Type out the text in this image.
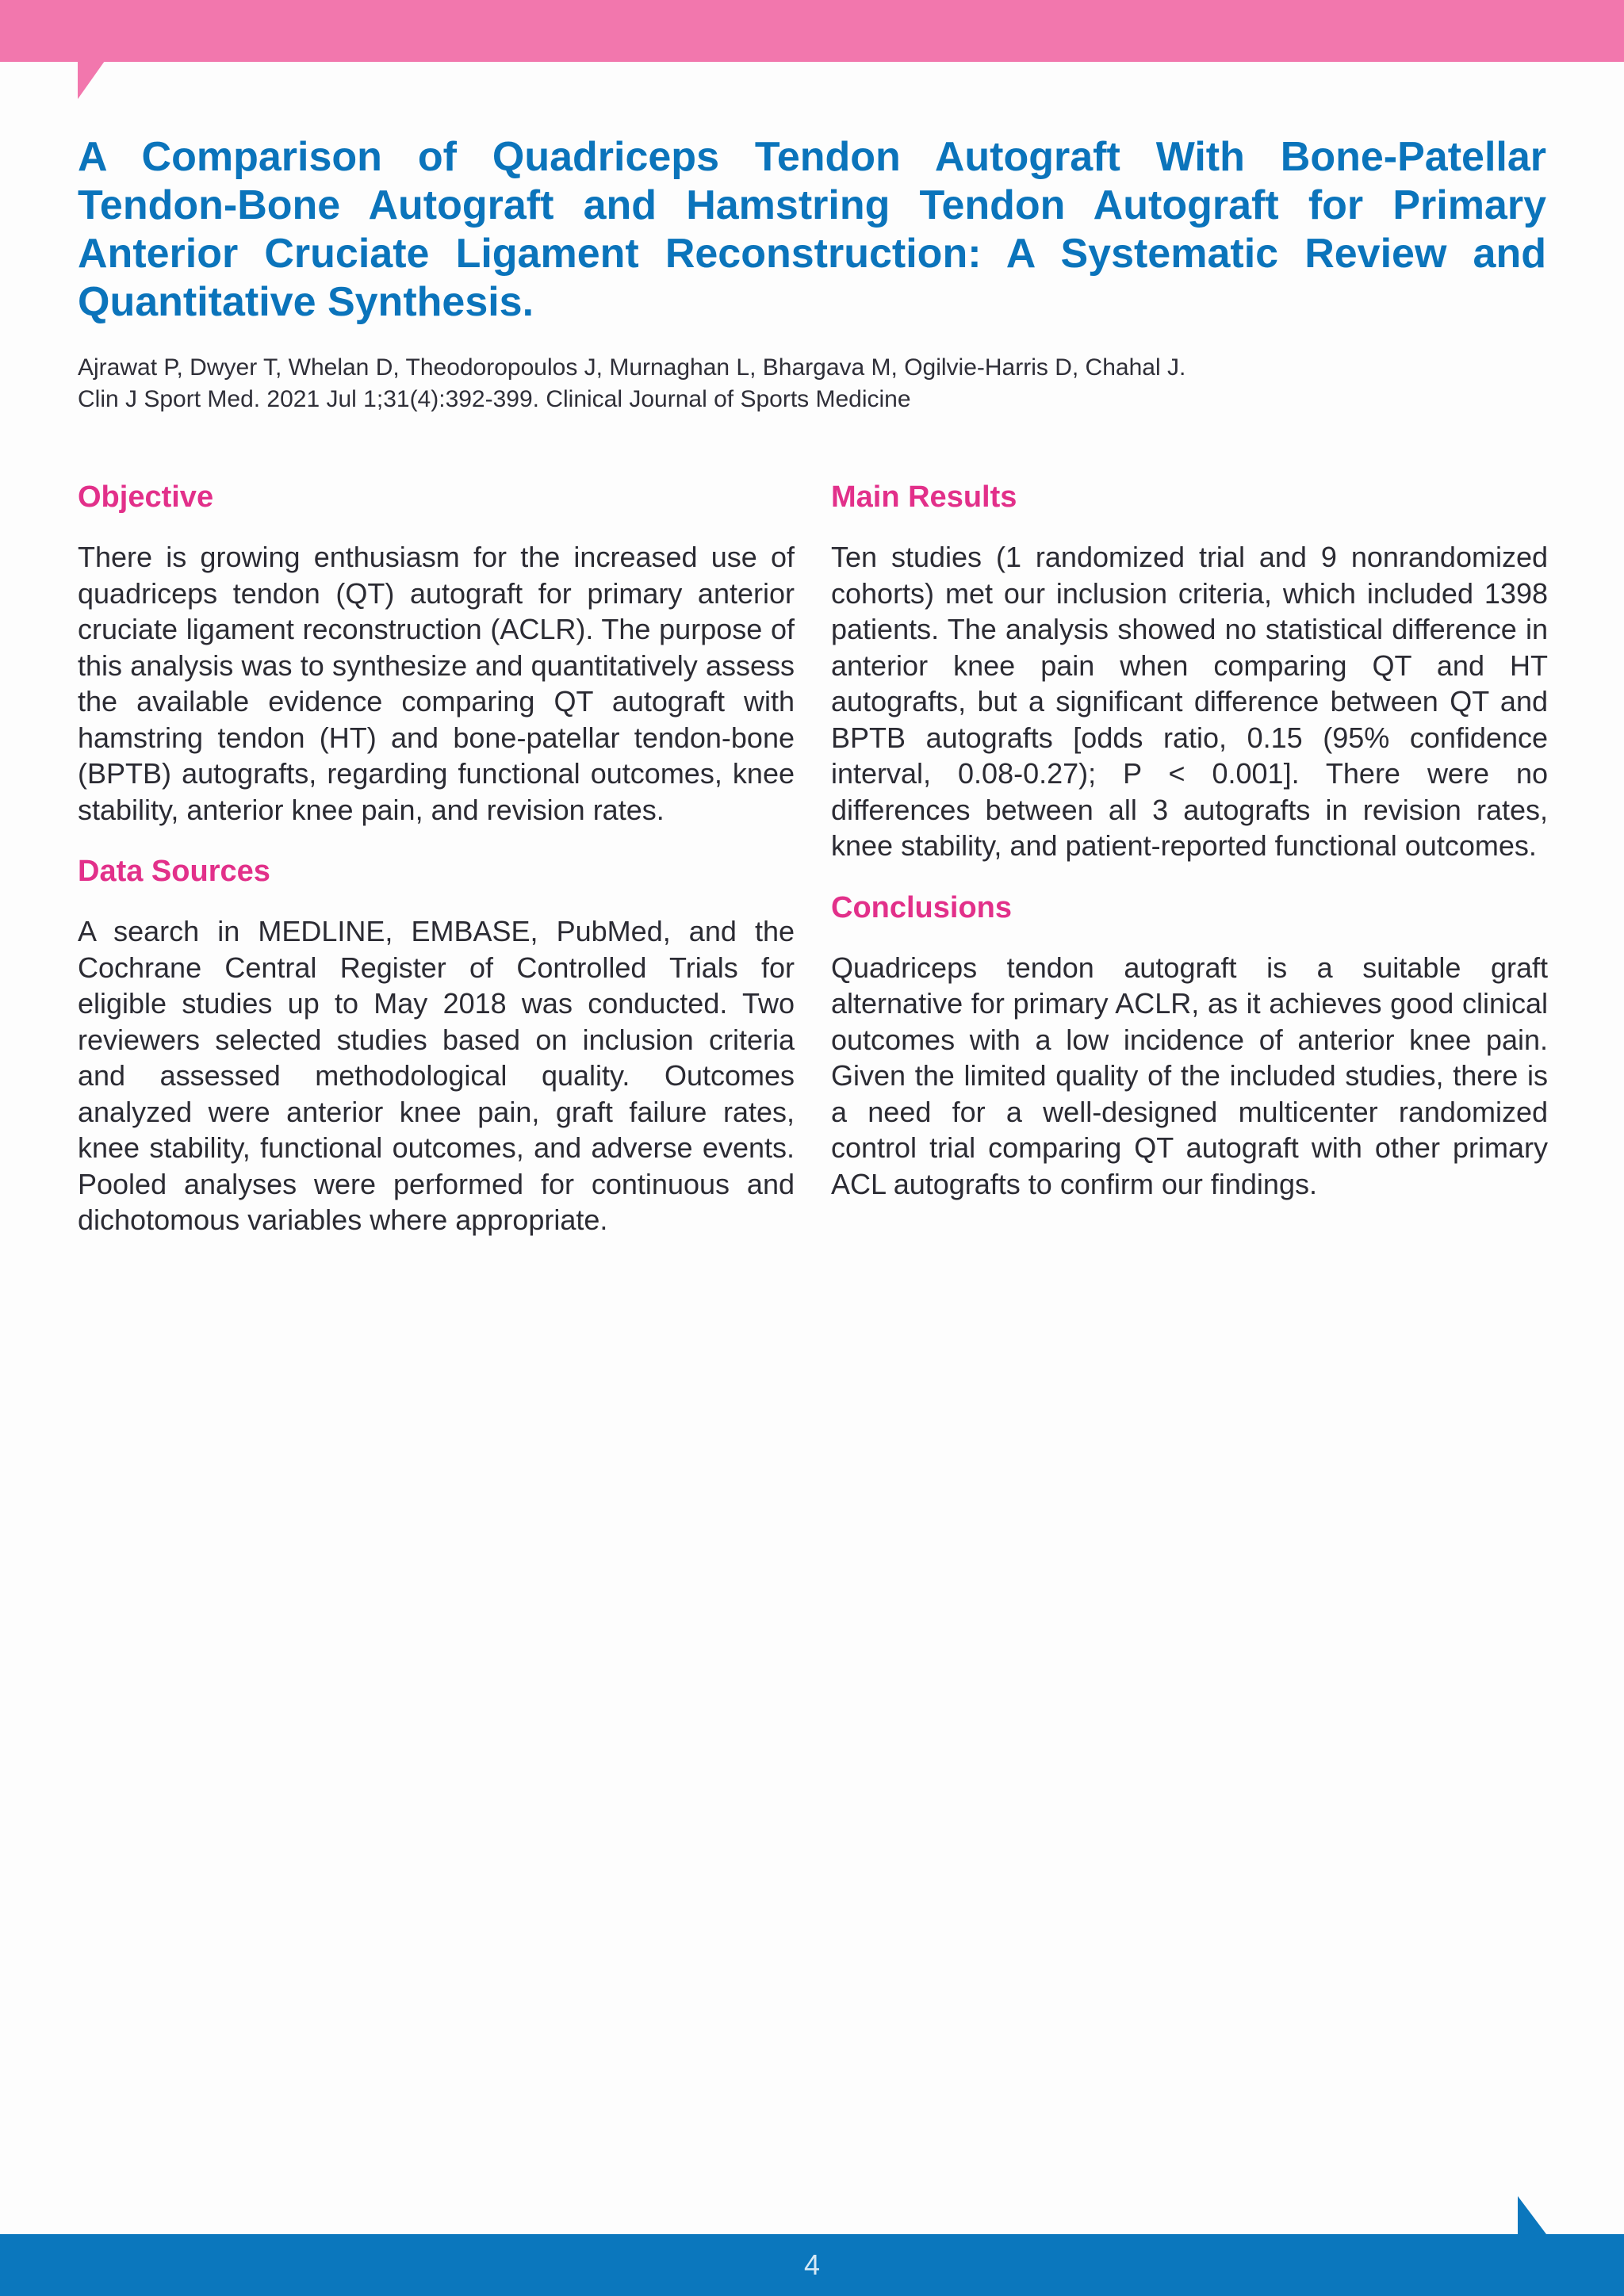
A Comparison of Quadriceps Tendon Autograft With Bone-Patellar Tendon-Bone Autograft and Hamstring Tendon Autograft for Primary Anterior Cruciate Ligament Reconstruction: A Systematic Review and Quantitative Synthesis.
Ajrawat P, Dwyer T, Whelan D, Theodoropoulos J, Murnaghan L, Bhargava M, Ogilvie-Harris D, Chahal J.
Clin J Sport Med. 2021 Jul 1;31(4):392-399. Clinical Journal of Sports Medicine
Objective

There is growing enthusiasm for the increased use of quadriceps tendon (QT) autograft for primary anterior cruciate ligament reconstruction (ACLR). The purpose of this analysis was to synthesize and quantitatively assess the available evidence comparing QT autograft with hamstring tendon (HT) and bone-patellar tendon-bone (BPTB) autografts, regarding functional outcomes, knee stability, anterior knee pain, and revision rates.

Data Sources

A search in MEDLINE, EMBASE, PubMed, and the Cochrane Central Register of Controlled Trials for eligible studies up to May 2018 was conducted. Two reviewers selected studies based on inclusion criteria and assessed methodological quality. Outcomes analyzed were anterior knee pain, graft failure rates, knee stability, functional outcomes, and adverse events. Pooled analyses were performed for continuous and dichotomous variables where appropriate.

Main Results

Ten studies (1 randomized trial and 9 nonrandomized cohorts) met our inclusion criteria, which included 1398 patients. The analysis showed no statistical difference in anterior knee pain when comparing QT and HT autografts, but a significant difference between QT and BPTB autografts [odds ratio, 0.15 (95% confidence interval, 0.08-0.27); P < 0.001]. There were no differences between all 3 autografts in revision rates, knee stability, and patient-reported functional outcomes.

Conclusions

Quadriceps tendon autograft is a suitable graft alternative for primary ACLR, as it achieves good clinical outcomes with a low incidence of anterior knee pain. Given the limited quality of the included studies, there is a need for a well-designed multicenter randomized control trial comparing QT autograft with other primary ACL autografts to confirm our findings.

4
